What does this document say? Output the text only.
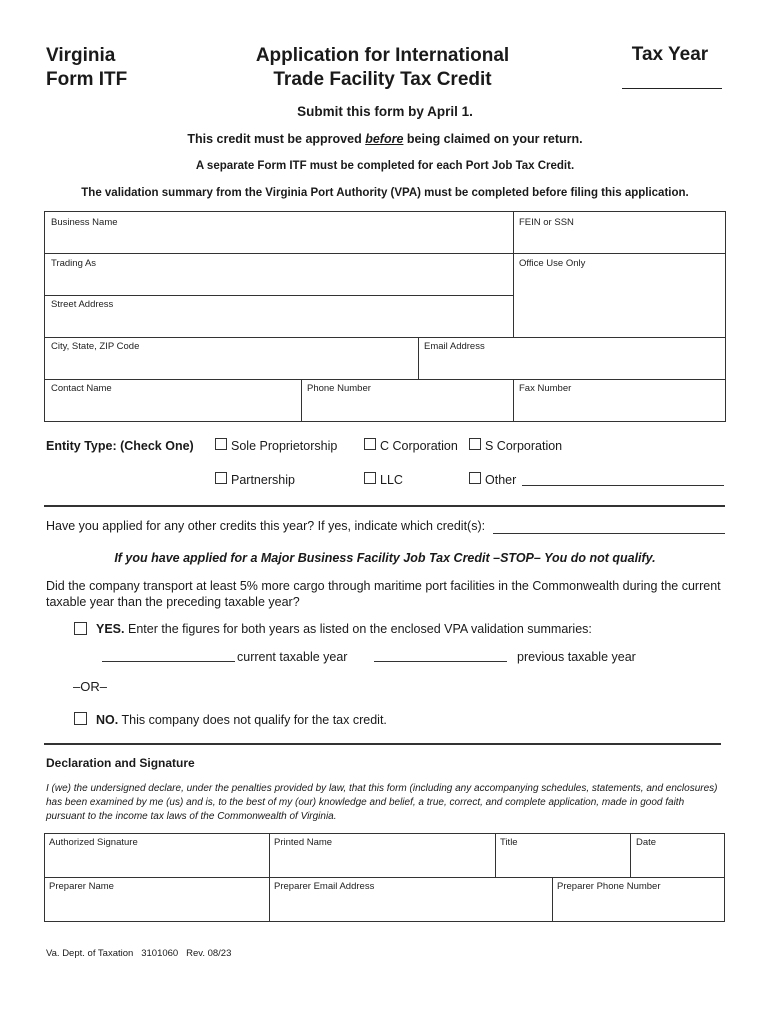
Virginia
Form ITF
Application for International
Trade Facility Tax Credit
Tax Year
Submit this form by April 1.
This credit must be approved before being claimed on your return.
A separate Form ITF must be completed for each Port Job Tax Credit.
The validation summary from the Virginia Port Authority (VPA) must be completed before filing this application.
Business Name	FEIN or SSN
Trading As	Office Use Only
Street Address
City, State, ZIP Code	Email Address
Contact Name	Phone Number	Fax Number
Entity Type: (Check One)	Sole Proprietorship	C Corporation S Corporation
Partnership	LLC	Other
Have you applied for any other credits this year? If yes, indicate which credit(s):
If you have applied for a Major Business Facility Job Tax Credit –STOP– You do not qualify.
Did the company transport at least 5% more cargo through maritime port facilities in the Commonwealth during the current taxable year than the preceding taxable year?
YES. Enter the figures for both years as listed on the enclosed VPA validation summaries:
current taxable year	previous taxable year
–OR–
NO. This company does not qualify for the tax credit.
Declaration and Signature
I (we) the undersigned declare, under the penalties provided by law, that this form (including any accompanying schedules, statements, and enclosures) has been examined by me (us) and is, to the best of my (our) knowledge and belief, a true, correct, and complete application, made in good faith pursuant to the income tax laws of the Commonwealth of Virginia.
Authorized Signature	Printed Name	Title	Date
Preparer Name	Preparer Email Address	Preparer Phone Number
Va. Dept. of Taxation   3101060   Rev. 08/23
